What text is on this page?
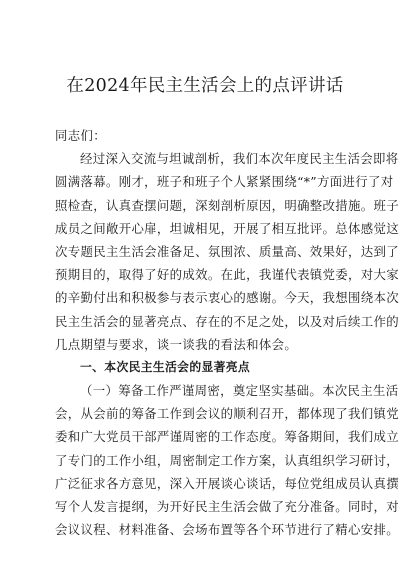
在2024年民主生活会上的点评讲话
同志们：
经过深入交流与坦诚剖析，我们本次年度民主生活会即将
圆满落幕。刚才，班子和班子个人紧紧围绕“*”方面进行了对
照检查，认真查摆问题，深刻剖析原因，明确整改措施。班子
成员之间敞开心扉，坦诚相见，开展了相互批评。总体感觉这
次专题民主生活会准备足、氛围浓、质量高、效果好，达到了
预期目的，取得了好的成效。在此，我谨代表镇党委，对大家
的辛勤付出和积极参与表示衷心的感谢。今天，我想围绕本次
民主生活会的显著亮点、存在的不足之处，以及对后续工作的
几点期望与要求，谈一谈我的看法和体会。
一、本次民主生活会的显著亮点
（一）筹备工作严谨周密，奠定坚实基础。本次民主生活
会，从会前的筹备工作到会议的顺利召开，都体现了我们镇党
委和广大党员干部严谨周密的工作态度。筹备期间，我们成立
了专门的工作小组，周密制定工作方案，认真组织学习研讨，
广泛征求各方意见，深入开展谈心谈话，每位党组成员认真撰
写个人发言提纲，为开好民主生活会做了充分准备。同时，对
会议议程、材料准备、会场布置等各个环节进行了精心安排。
